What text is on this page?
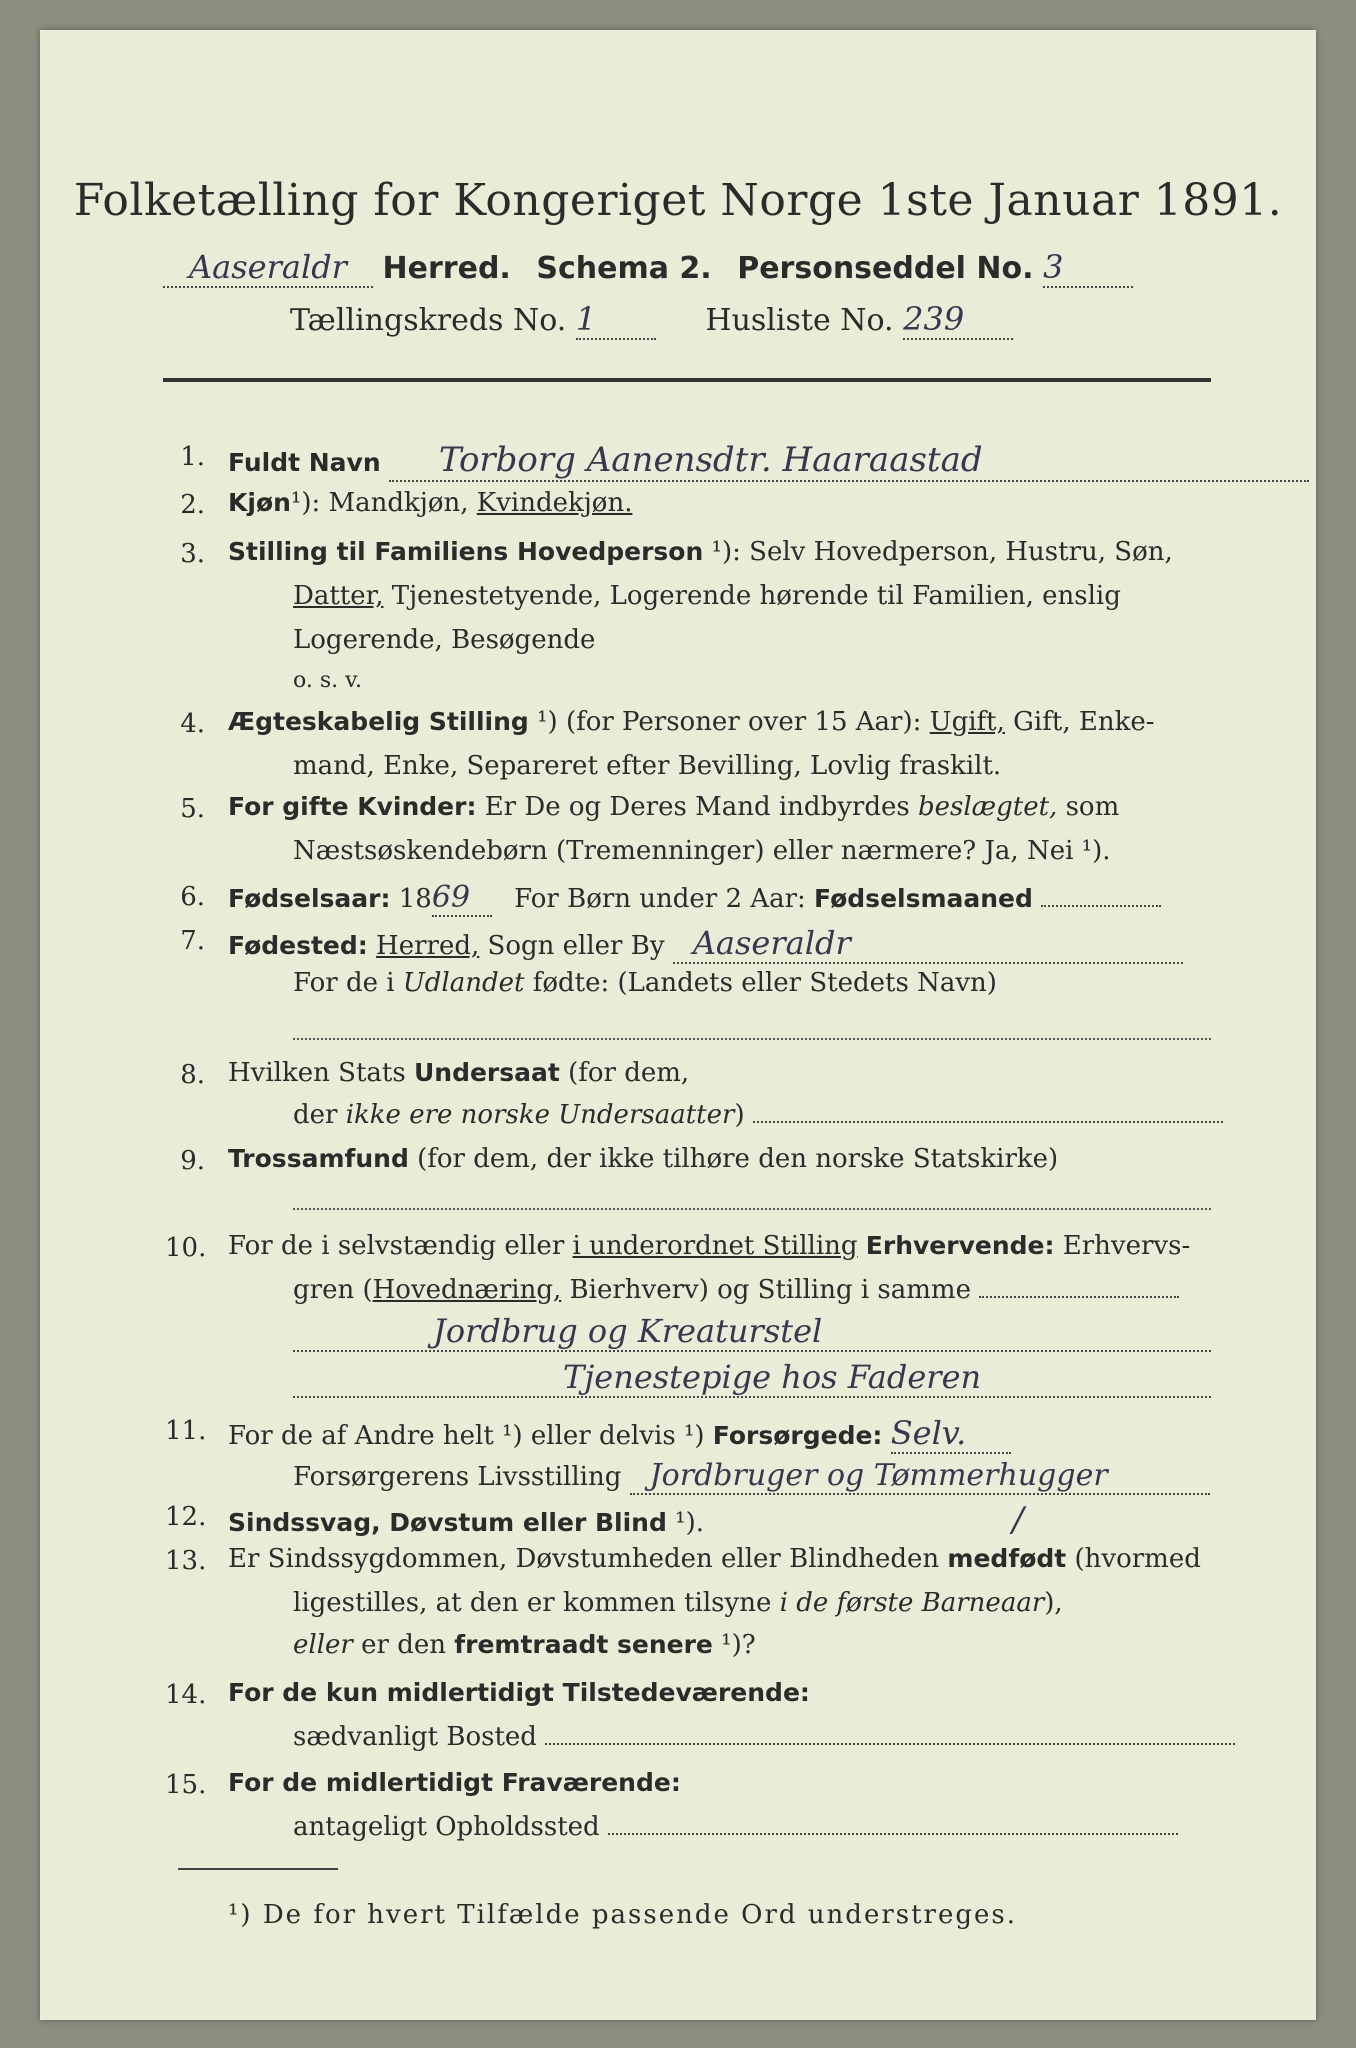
Folketælling for Kongeriget Norge 1ste Januar 1891.
Aaseraldr Herred. Schema 2. Personseddel No. 3
Tællingskreds No. 1	Husliste No. 239
1. Fuldt Navn Torborg Aanensdtr. Haaraastad
2. Kjøn¹): Mandkjøn, Kvindekjøn.
3. Stilling til Familiens Hovedperson ¹): Selv Hovedperson, Hustru, Søn,
Datter, Tjenestetyende, Logerende hørende til Familien, enslig
Logerende, Besøgende
o. s. v.
4. Ægteskabelig Stilling ¹) (for Personer over 15 Aar): Ugift, Gift, Enke-
mand, Enke, Separeret efter Bevilling, Lovlig fraskilt.
5. For gifte Kvinder: Er De og Deres Mand indbyrdes beslægtet, som
Næstsøskendebørn (Tremenninger) eller nærmere? Ja, Nei ¹).
6. Fødselsaar: 1869 For Børn under 2 Aar: Fødselsmaaned
7. Fødested: Herred, Sogn eller By Aaseraldr
For de i Udlandet fødte: (Landets eller Stedets Navn)
8. Hvilken Stats Undersaat (for dem,
der ikke ere norske Undersaatter)
9. Trossamfund (for dem, der ikke tilhøre den norske Statskirke)
10. For de i selvstændig eller i underordnet Stilling Erhvervende: Erhvervs-
gren (Hovednæring, Bierhverv) og Stilling i samme
Jordbrug og Kreaturstel
Tjenestepige hos Faderen
11. For de af Andre helt ¹) eller delvis ¹) Forsørgede: Selv.
Forsørgerens Livsstilling Jordbruger og Tømmerhugger
12. Sindssvag, Døvstum eller Blind ¹).	/
13. Er Sindssygdommen, Døvstumheden eller Blindheden medfødt (hvormed
ligestilles, at den er kommen tilsyne i de første Barneaar),
eller er den fremtraadt senere ¹)?
14. For de kun midlertidigt Tilstedeværende:
sædvanligt Bosted
15. For de midlertidigt Fraværende:
antageligt Opholdssted
¹) De for hvert Tilfælde passende Ord understreges.
